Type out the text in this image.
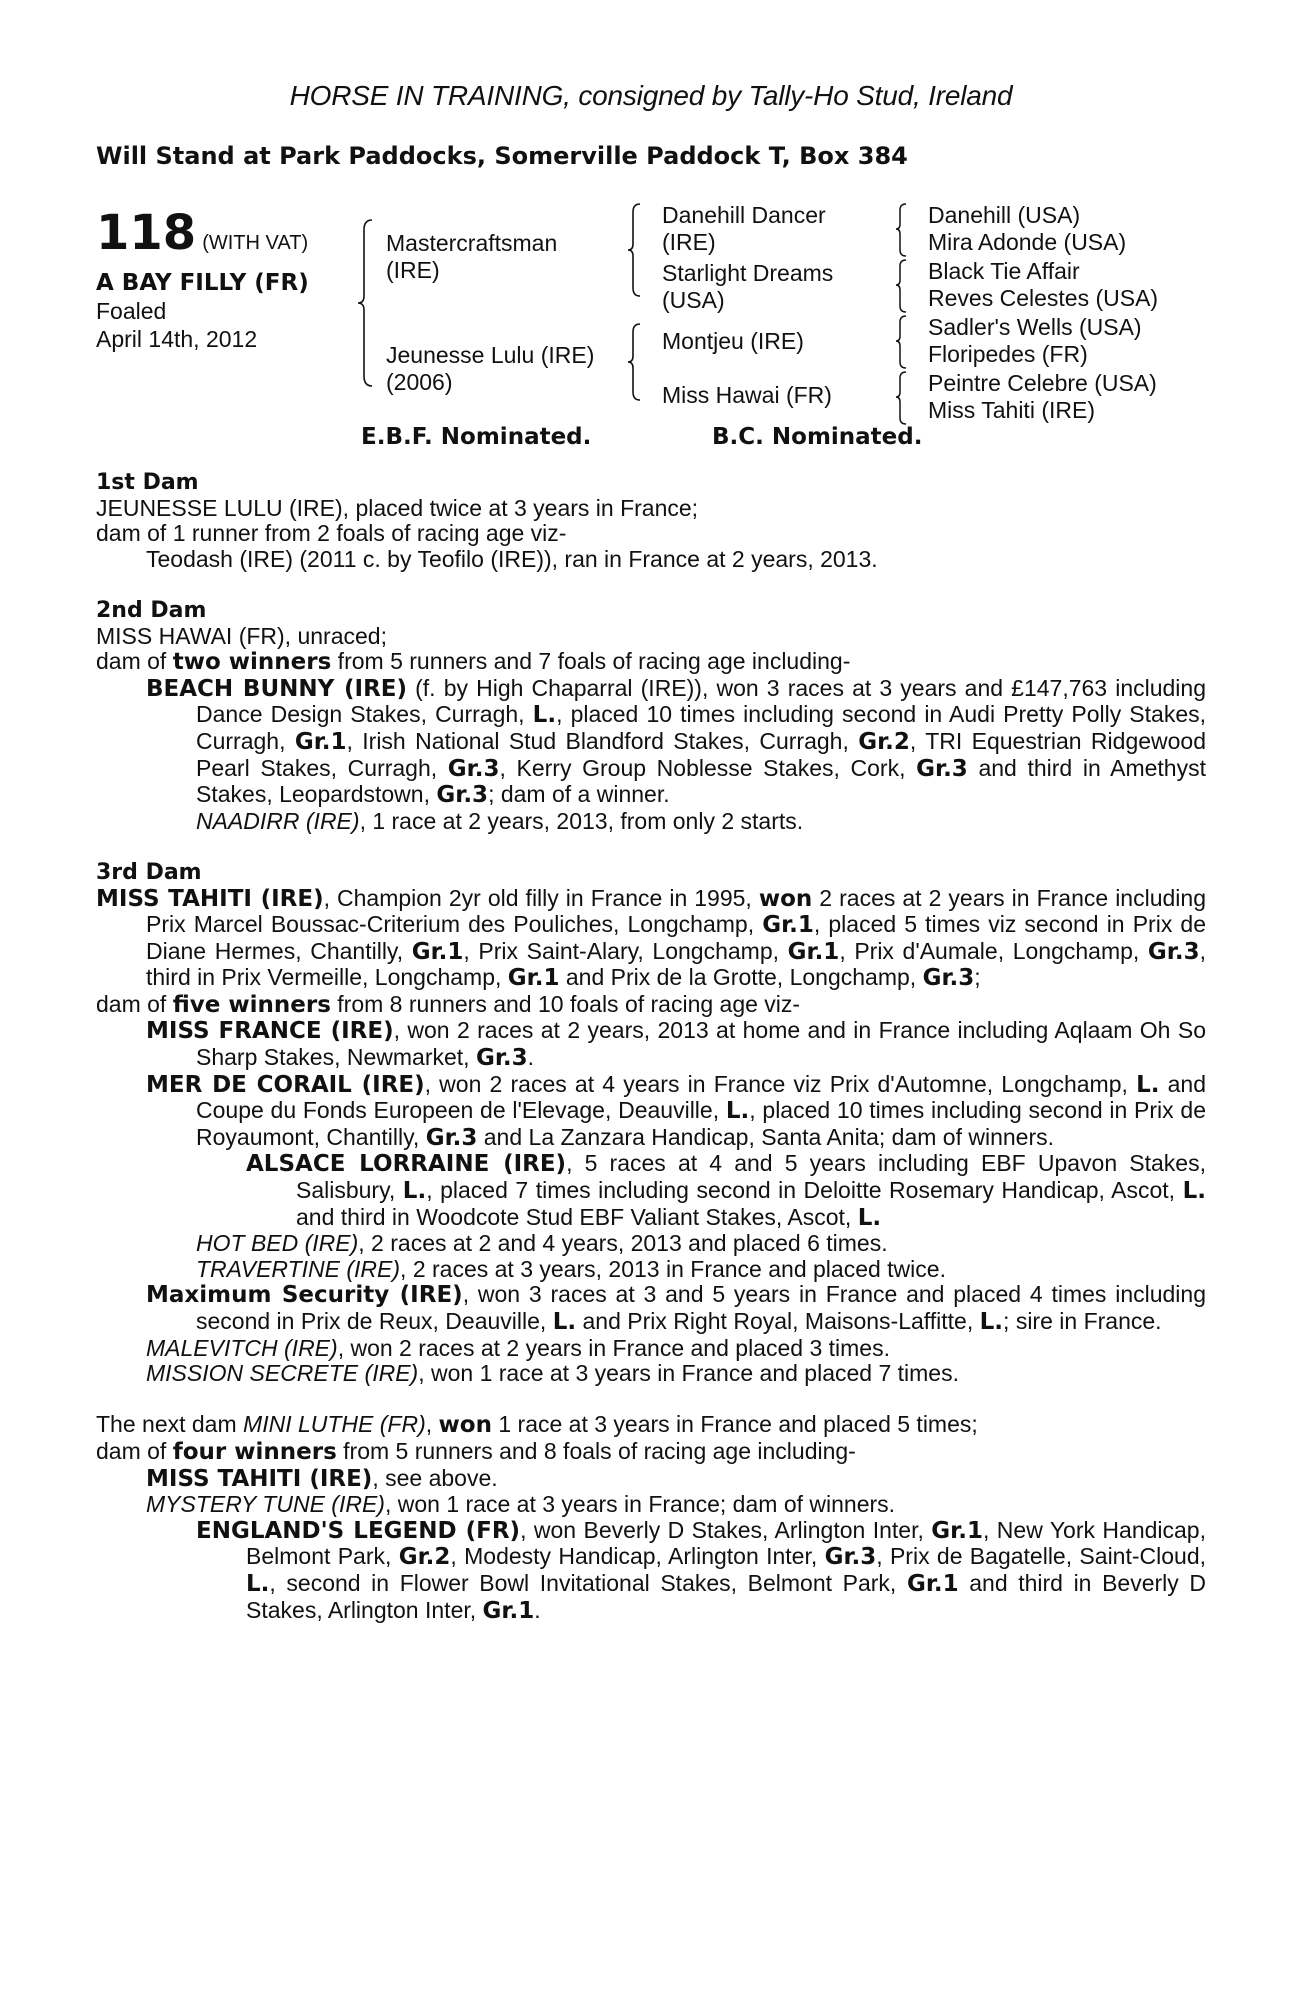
HORSE IN TRAINING, consigned by Tally-Ho Stud, Ireland
Will Stand at Park Paddocks, Somerville Paddock T, Box 384
118 (WITH VAT)
A BAY FILLY (FR)
Foaled
April 14th, 2012
Mastercraftsman
(IRE)
Jeunesse Lulu (IRE)
(2006)
Danehill Dancer
(IRE)
Starlight Dreams
(USA)
Montjeu (IRE)
Miss Hawai (FR)
Danehill (USA)
Mira Adonde (USA)
Black Tie Affair
Reves Celestes (USA)
Sadler's Wells (USA)
Floripedes (FR)
Peintre Celebre (USA)
Miss Tahiti (IRE)
E.B.F. Nominated.	B.C. Nominated.

1st Dam

JEUNESSE LULU (IRE), placed twice at 3 years in France;

dam of 1 runner from 2 foals of racing age viz-

Teodash (IRE) (2011 c. by Teofilo (IRE)), ran in France at 2 years, 2013.

2nd Dam

MISS HAWAI (FR), unraced;

dam of two winners from 5 runners and 7 foals of racing age including-

BEACH BUNNY (IRE) (f. by High Chaparral (IRE)), won 3 races at 3 years and £147,763 including Dance Design Stakes, Curragh, L., placed 10 times including second in Audi Pretty Polly Stakes, Curragh, Gr.1, Irish National Stud Blandford Stakes, Curragh, Gr.2, TRI Equestrian Ridgewood Pearl Stakes, Curragh, Gr.3, Kerry Group Noblesse Stakes, Cork, Gr.3 and third in Amethyst Stakes, Leopardstown, Gr.3; dam of a winner.

NAADIRR (IRE), 1 race at 2 years, 2013, from only 2 starts.

3rd Dam

MISS TAHITI (IRE), Champion 2yr old filly in France in 1995, won 2 races at 2 years in France including Prix Marcel Boussac-Criterium des Pouliches, Longchamp, Gr.1, placed 5 times viz second in Prix de Diane Hermes, Chantilly, Gr.1, Prix Saint-Alary, Longchamp, Gr.1, Prix d'Aumale, Longchamp, Gr.3, third in Prix Vermeille, Longchamp, Gr.1 and Prix de la Grotte, Longchamp, Gr.3;

dam of five winners from 8 runners and 10 foals of racing age viz-

MISS FRANCE (IRE), won 2 races at 2 years, 2013 at home and in France including Aqlaam Oh So Sharp Stakes, Newmarket, Gr.3.

MER DE CORAIL (IRE), won 2 races at 4 years in France viz Prix d'Automne, Longchamp, L. and Coupe du Fonds Europeen de l'Elevage, Deauville, L., placed 10 times including second in Prix de Royaumont, Chantilly, Gr.3 and La Zanzara Handicap, Santa Anita; dam of winners.

ALSACE LORRAINE (IRE), 5 races at 4 and 5 years including EBF Upavon Stakes, Salisbury, L., placed 7 times including second in Deloitte Rosemary Handicap, Ascot, L. and third in Woodcote Stud EBF Valiant Stakes, Ascot, L.

HOT BED (IRE), 2 races at 2 and 4 years, 2013 and placed 6 times.

TRAVERTINE (IRE), 2 races at 3 years, 2013 in France and placed twice.

Maximum Security (IRE), won 3 races at 3 and 5 years in France and placed 4 times including second in Prix de Reux, Deauville, L. and Prix Right Royal, Maisons-Laffitte, L.; sire in France.

MALEVITCH (IRE), won 2 races at 2 years in France and placed 3 times.

MISSION SECRETE (IRE), won 1 race at 3 years in France and placed 7 times.

The next dam MINI LUTHE (FR), won 1 race at 3 years in France and placed 5 times;

dam of four winners from 5 runners and 8 foals of racing age including-

MISS TAHITI (IRE), see above.

MYSTERY TUNE (IRE), won 1 race at 3 years in France; dam of winners.

ENGLAND'S LEGEND (FR), won Beverly D Stakes, Arlington Inter, Gr.1, New York Handicap, Belmont Park, Gr.2, Modesty Handicap, Arlington Inter, Gr.3, Prix de Bagatelle, Saint-Cloud, L., second in Flower Bowl Invitational Stakes, Belmont Park, Gr.1 and third in Beverly D Stakes, Arlington Inter, Gr.1.
